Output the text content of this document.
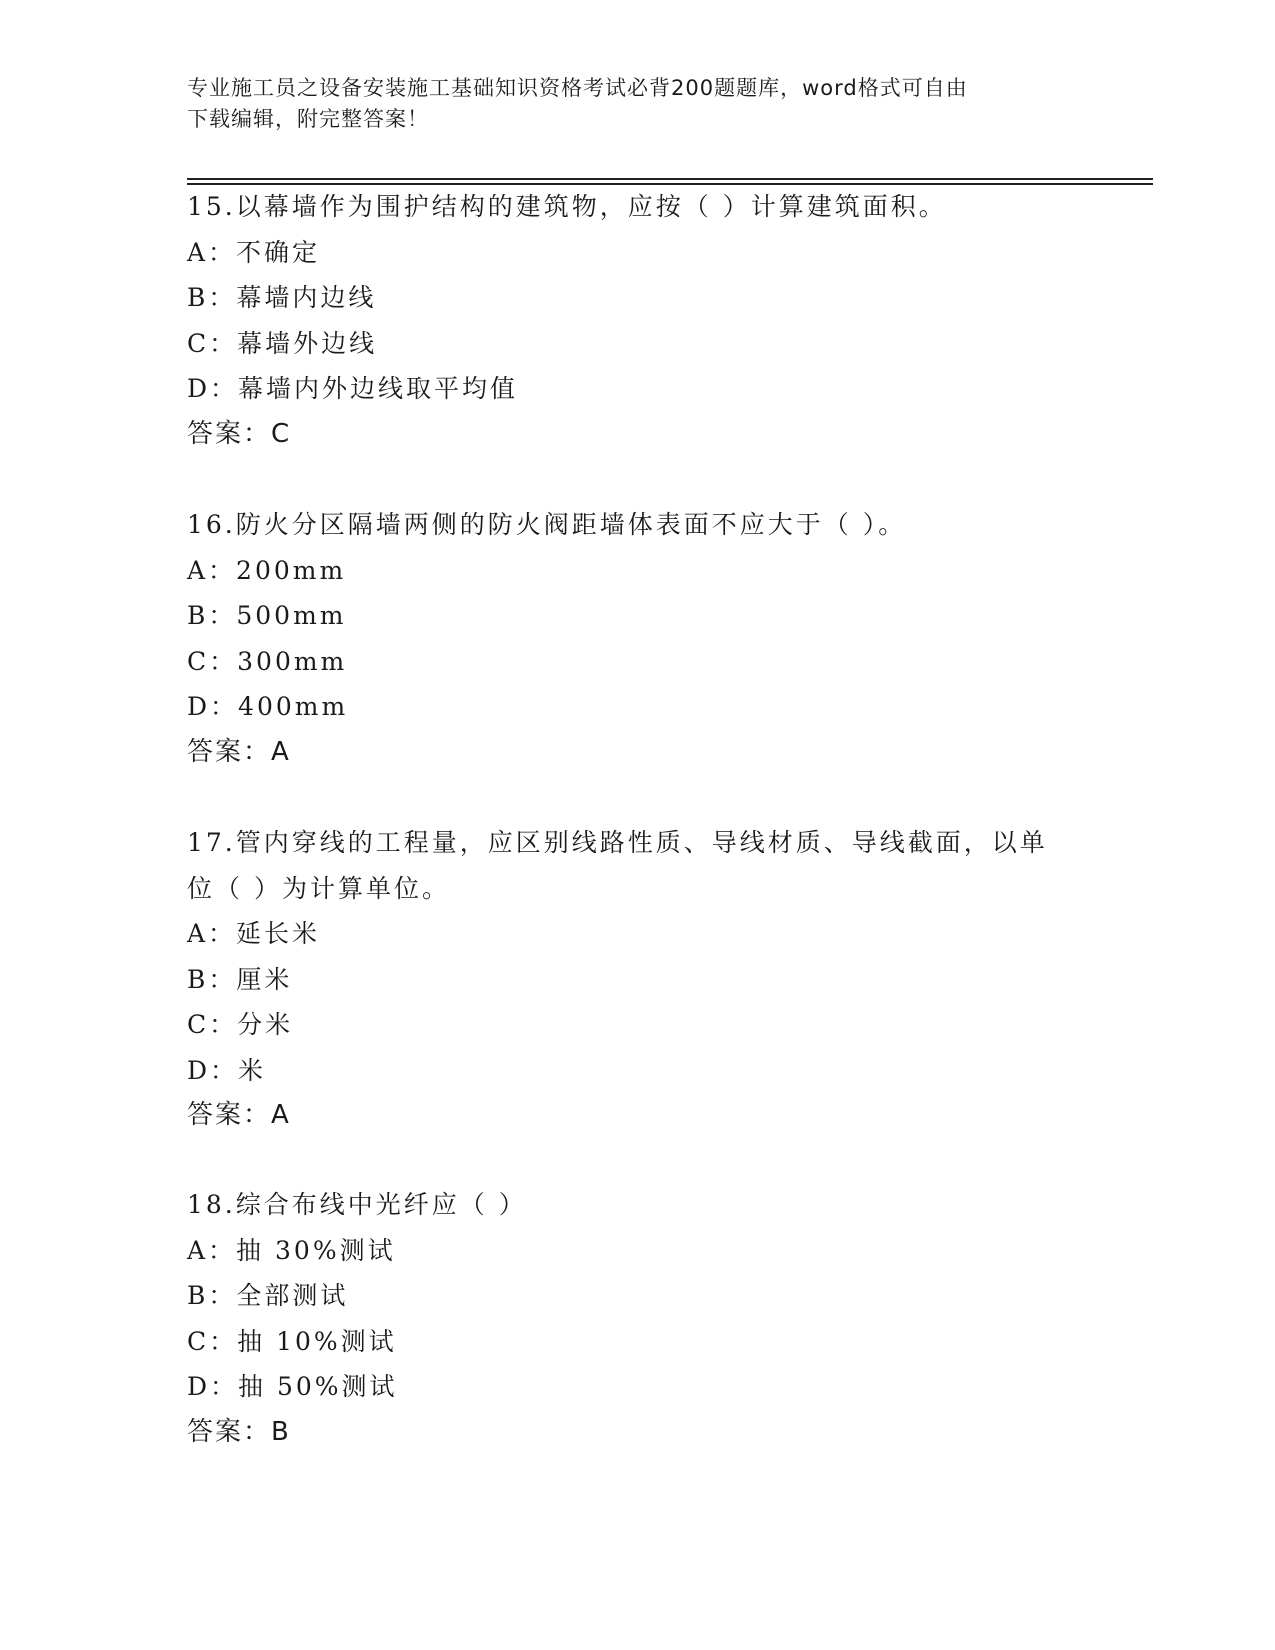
专业施工员之设备安装施工基础知识资格考试必背200题题库，word格式可自由
下载编辑，附完整答案！
15.以幕墙作为围护结构的建筑物，应按（ ）计算建筑面积。
A：不确定
B：幕墙内边线
C：幕墙外边线
D：幕墙内外边线取平均值
答案：C
16.防火分区隔墙两侧的防火阀距墙体表面不应大于（ ）。
A：200mm
B：500mm
C：300mm
D：400mm
答案：A
17.管内穿线的工程量，应区别线路性质、导线材质、导线截面，以单
位（ ）为计算单位。
A：延长米
B：厘米
C：分米
D：米
答案：A
18.综合布线中光纤应（ ）
A：抽 30%测试
B：全部测试
C：抽 10%测试
D：抽 50%测试
答案：B
